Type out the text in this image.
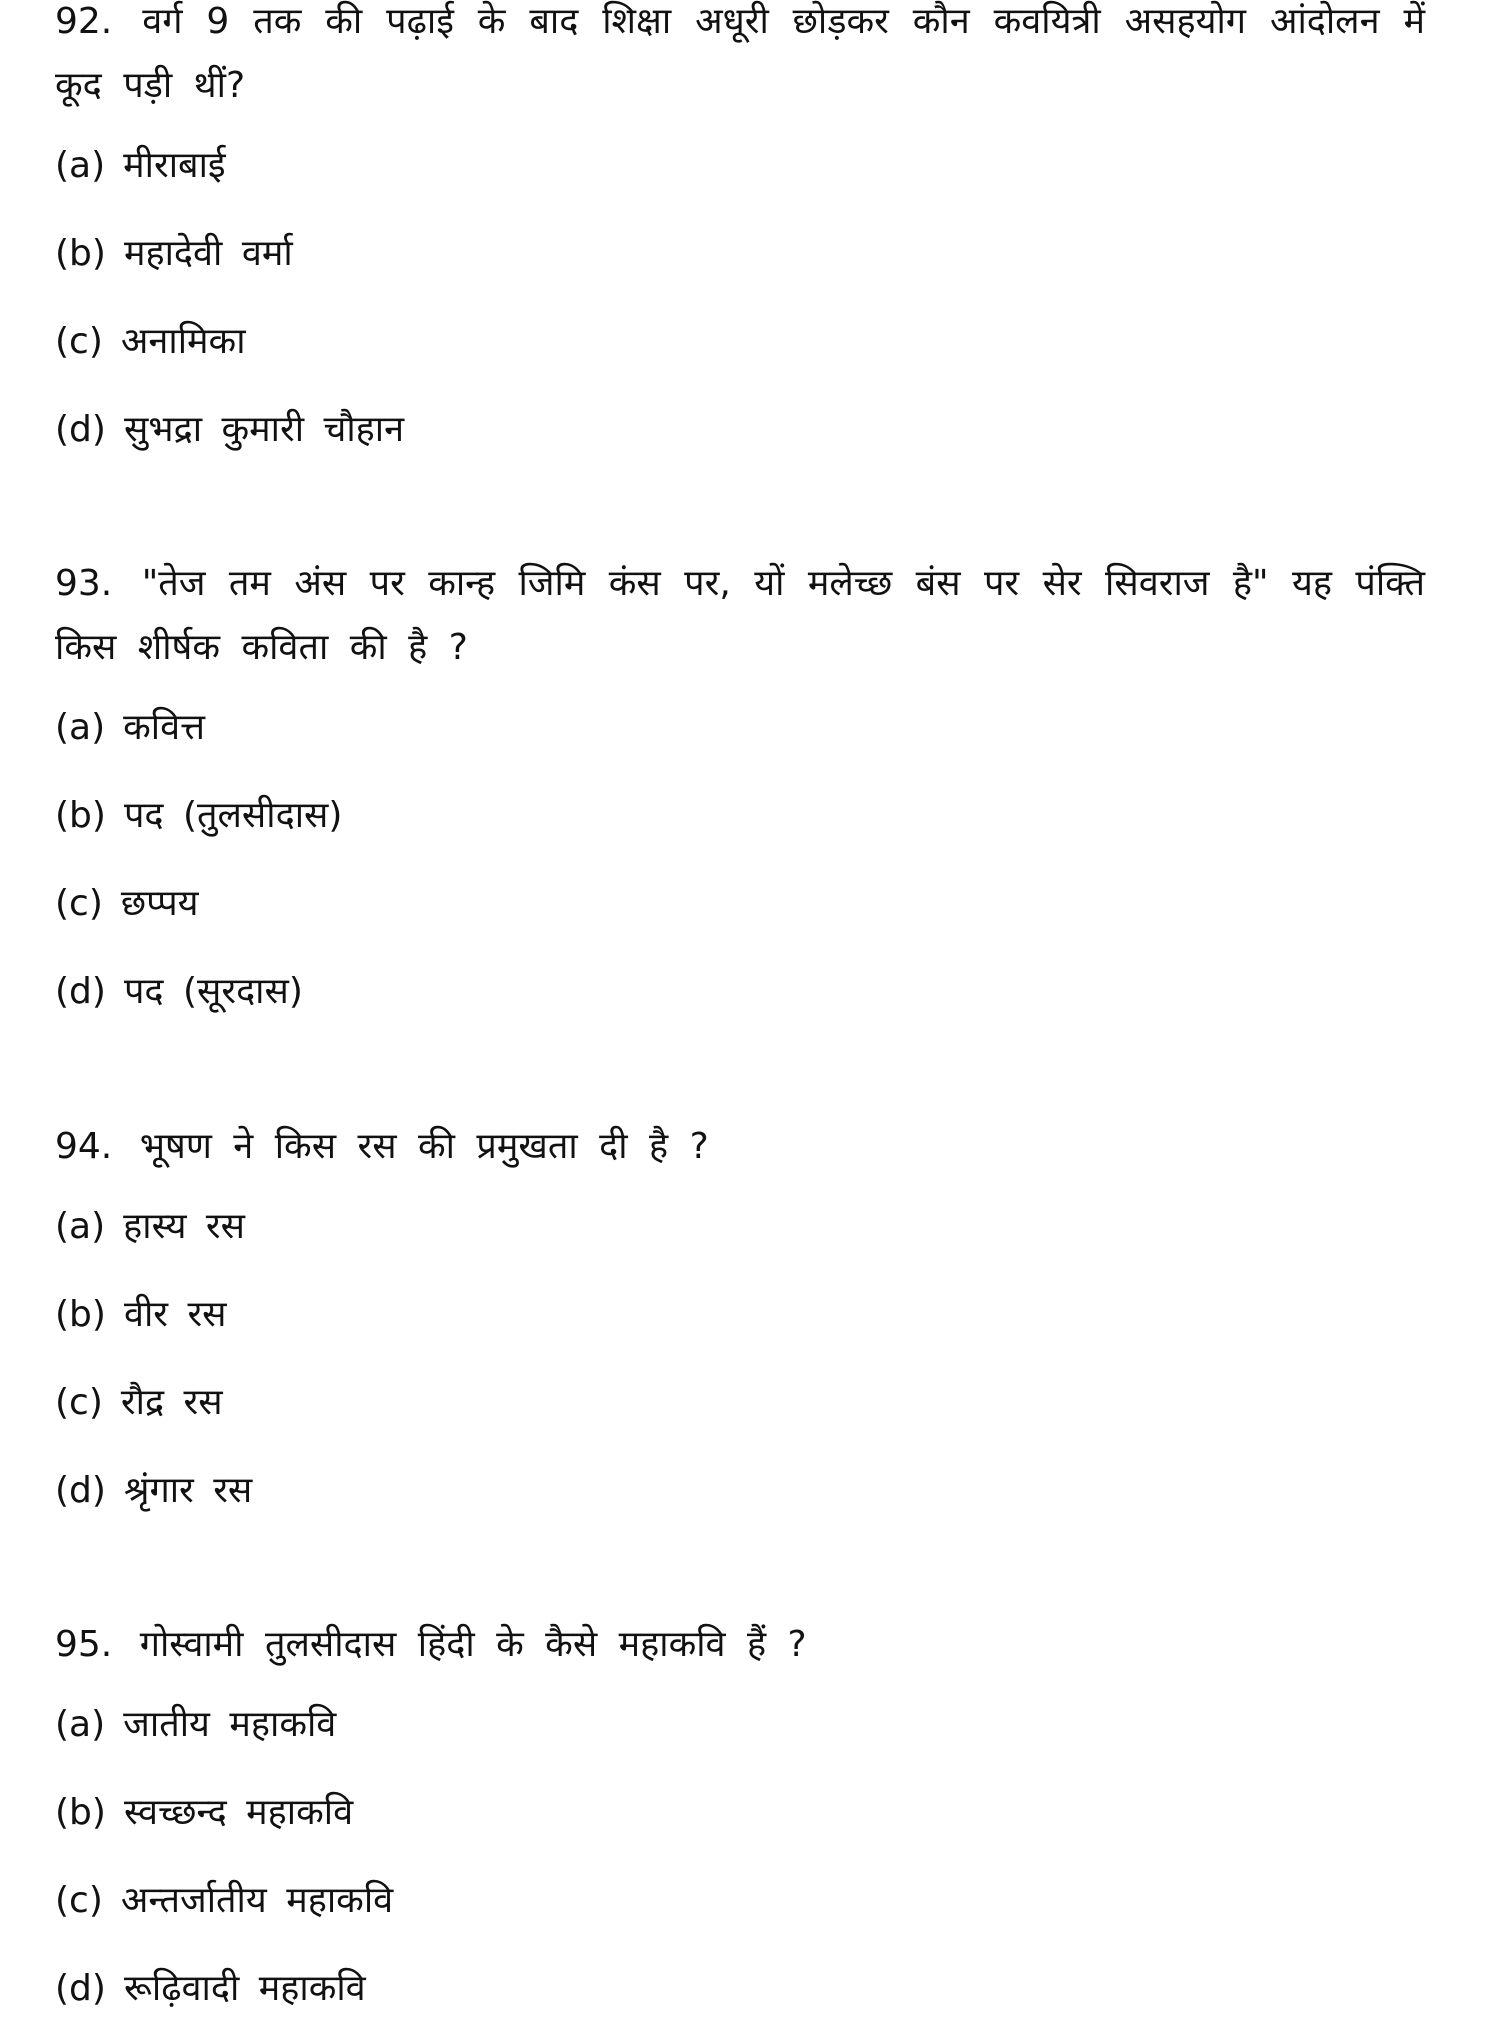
92. वर्ग 9 तक की पढ़ाई के बाद शिक्षा अधूरी छोड़कर कौन कवयित्री असहयोग आंदोलन में कूद पड़ी थीं?

(a) मीराबाई
(b) महादेवी वर्मा
(c) अनामिका
(d) सुभद्रा कुमारी चौहान

93. "तेज तम अंस पर कान्ह जिमि कंस पर, यों मलेच्छ बंस पर सेर सिवराज है" यह पंक्ति किस शीर्षक कविता की है ?

(a) कवित्त
(b) पद (तुलसीदास)
(c) छप्पय
(d) पद (सूरदास)

94. भूषण ने किस रस की प्रमुखता दी है ?

(a) हास्य रस
(b) वीर रस
(c) रौद्र रस
(d) श्रृंगार रस

95. गोस्वामी तुलसीदास हिंदी के कैसे महाकवि हैं ?

(a) जातीय महाकवि
(b) स्वच्छन्द महाकवि
(c) अन्तर्जातीय महाकवि
(d) रूढ़िवादी महाकवि
